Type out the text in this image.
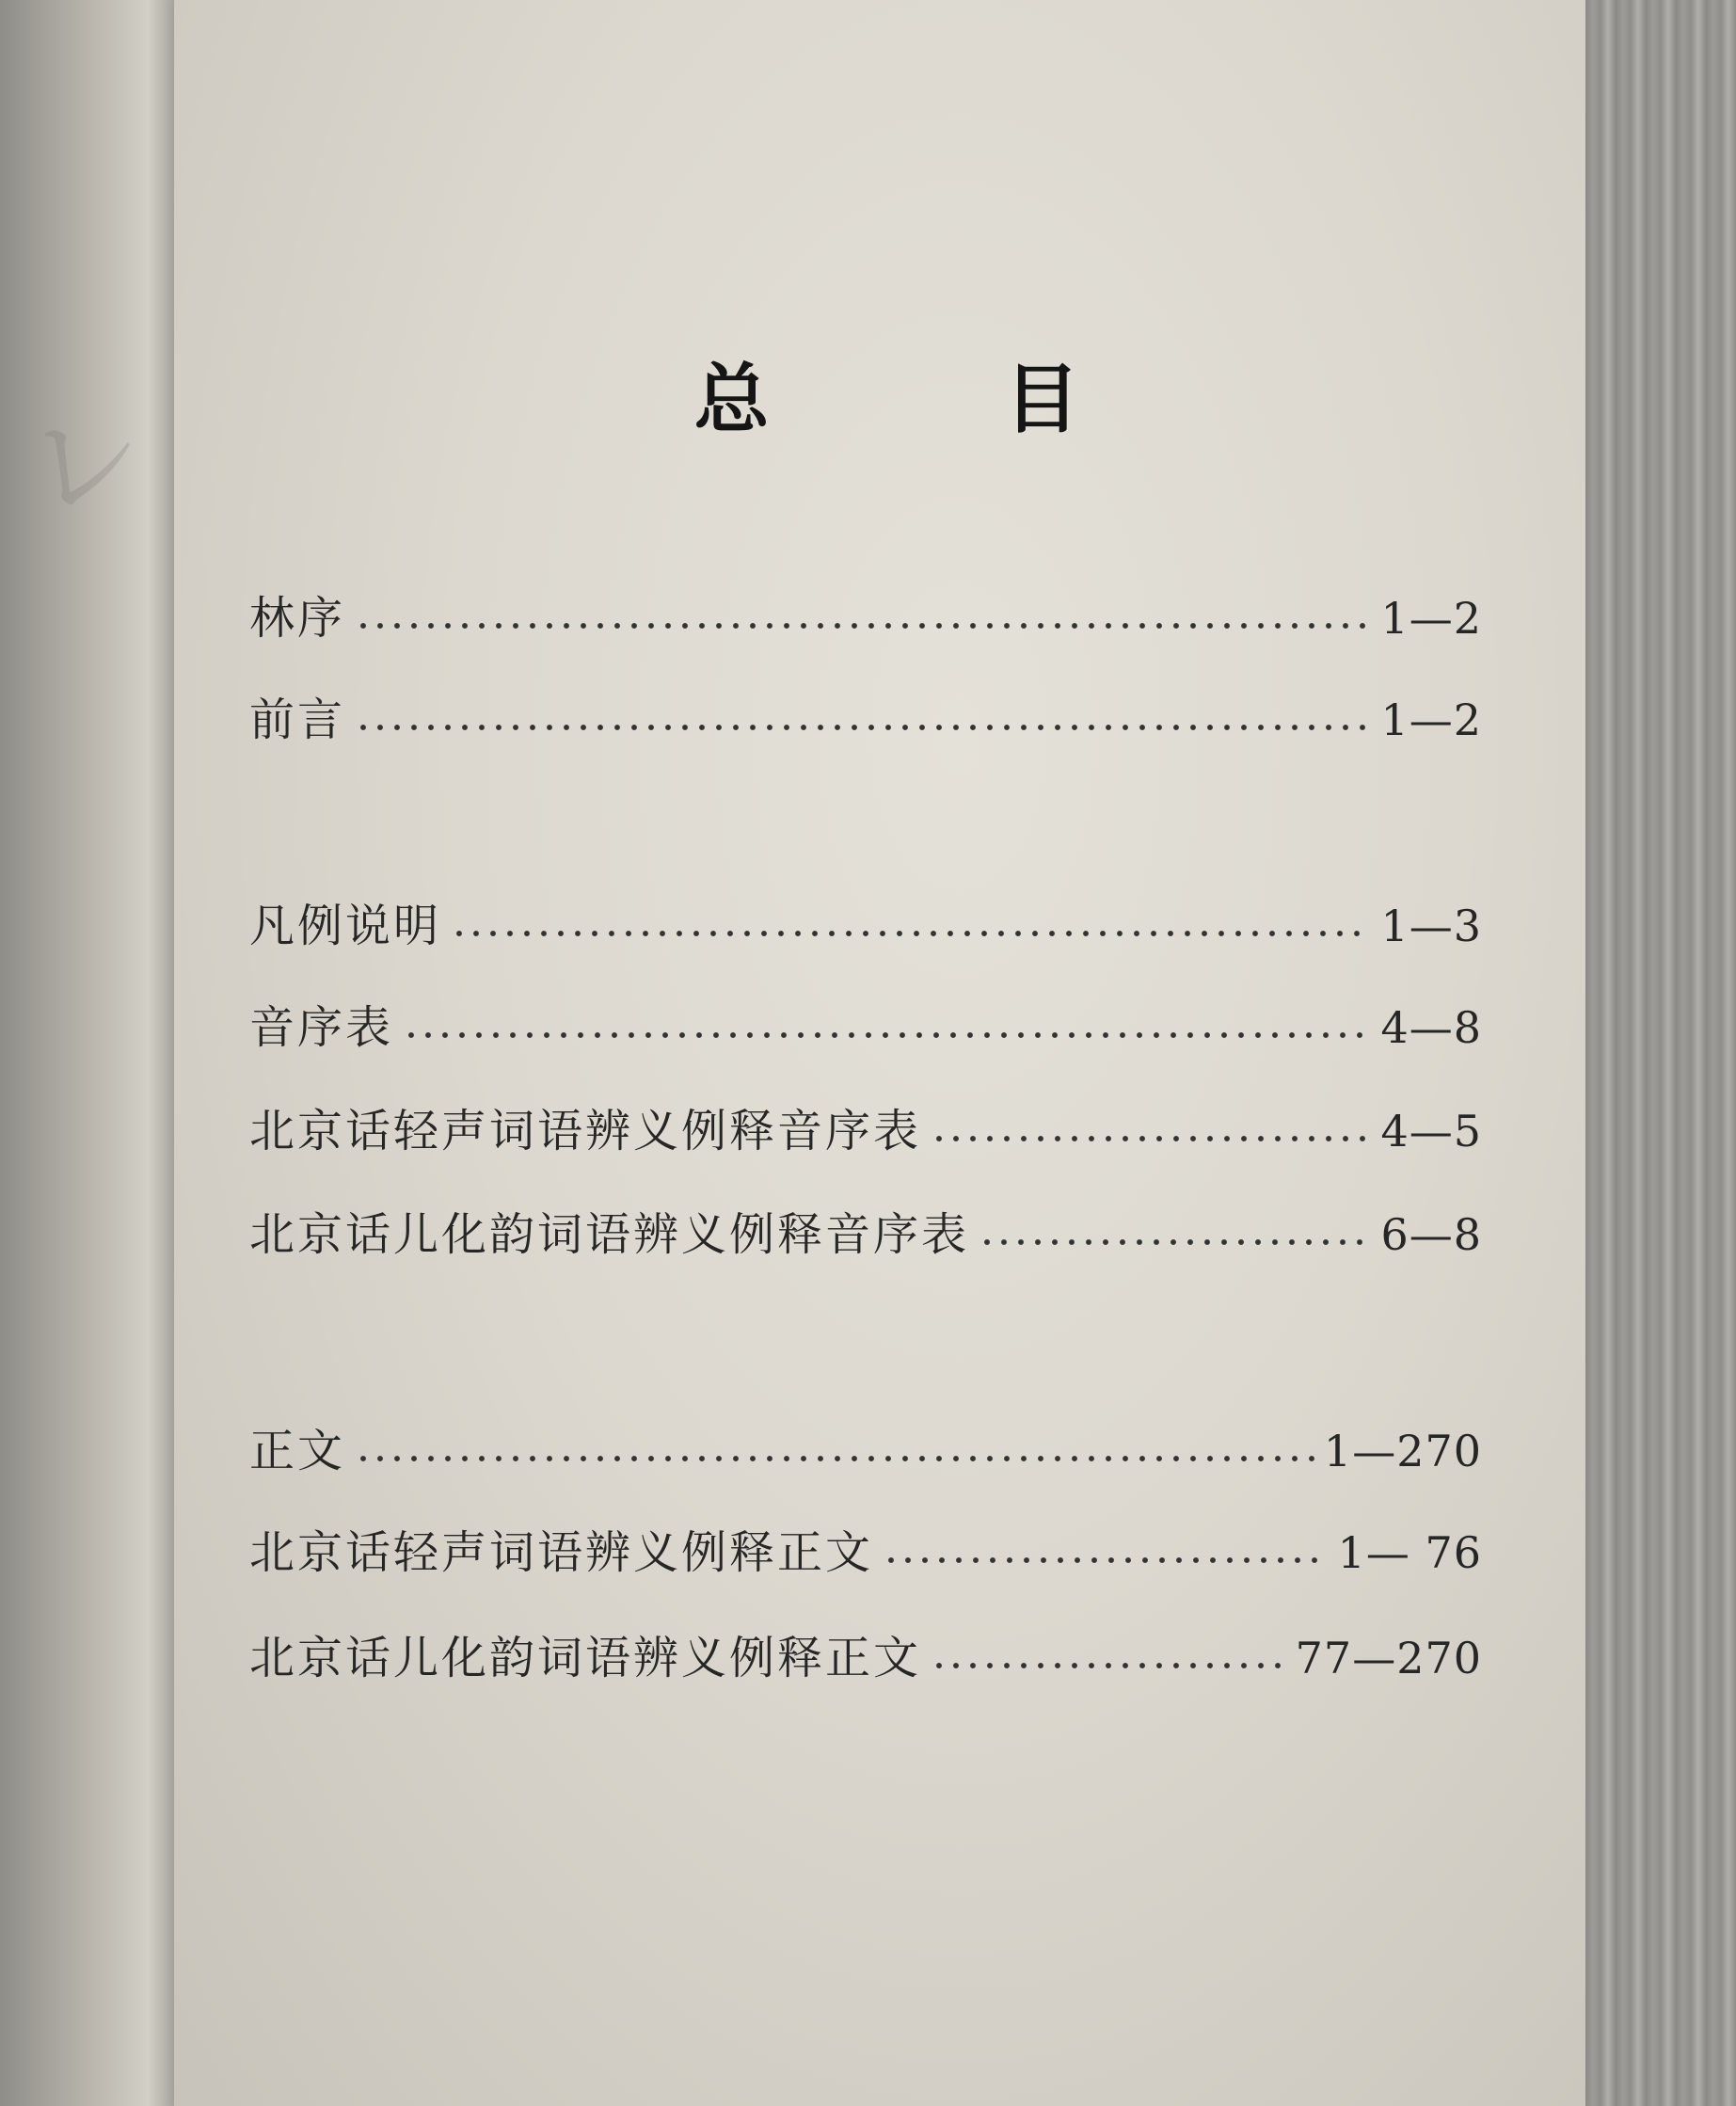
㆑	总	目
林序	1—2
前言	1—2
凡例说明	1—3
音序表	4—8
北京话轻声词语辨义例释音序表	4—5
北京话儿化韵词语辨义例释音序表	6—8
正文	1—270
北京话轻声词语辨义例释正文	1— 76
北京话儿化韵词语辨义例释正文	77—270
